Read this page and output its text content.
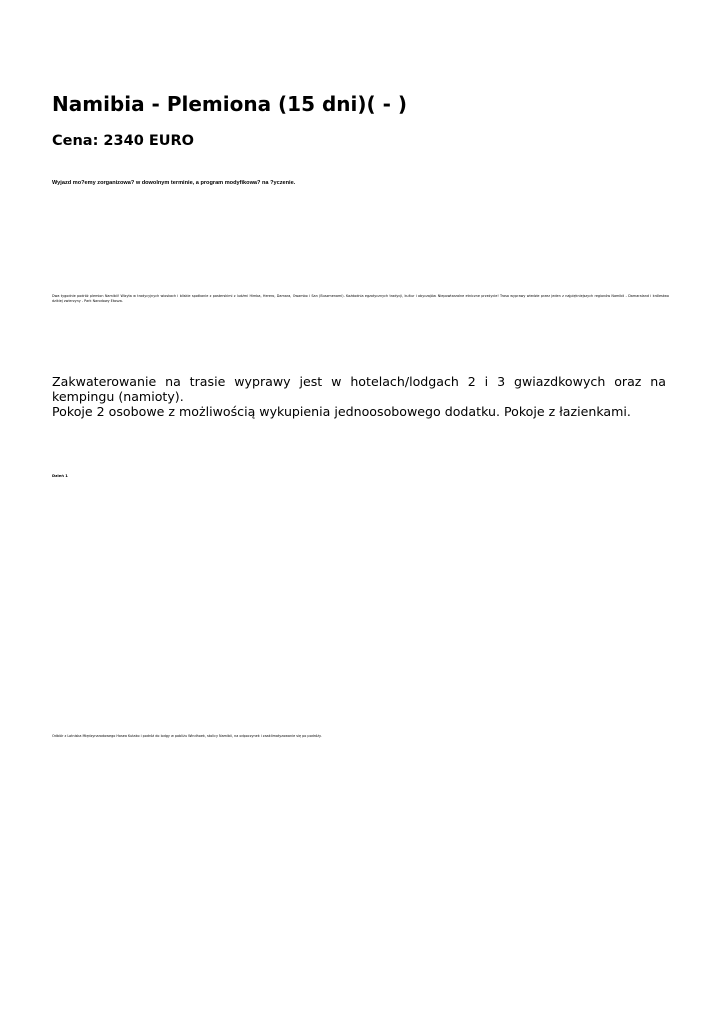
Namibia - Plemiona (15 dni)( - )
Cena: 2340 EURO

Wyjazd mo?emy zorganizowa? w dowolnym terminie, a program modyfikowa? na ?yczenie.

Dwa tygodnie podróż plemion Namibii! Wizyta w tradycyjnych wioskach i bliskie spotkanie z pasterskimi z ludźmi Himba, Herero, Damara, Owambo i San (Buszmenami). Każdodnia egzotycznych tradycji, kultur i obyczajów. Niepowtarzalne etniczne przeżycie! Trasa wyprawy wiedzie przez jeden z najpiękniejszych regionów Namibii - Damaraland i królestwo dzikiej zwierzyny - Park Narodowy Etosza.

Zakwaterowanie na trasie wyprawy jest w hotelach/lodgach 2 i 3 gwiazdkowych oraz na kempingu (namioty).

Pokoje 2 osobowe z możliwością wykupienia jednoosobowego dodatku. Pokoje z łazienkami.

Dzień 1

Odbiór z Lotniska Międzynarodowego Hosea Kutako i podróż do lodgy w pobliżu Windhoek, stolicy Namibii, na odpoczynek i zaaklimatyzowanie się po podróży.
